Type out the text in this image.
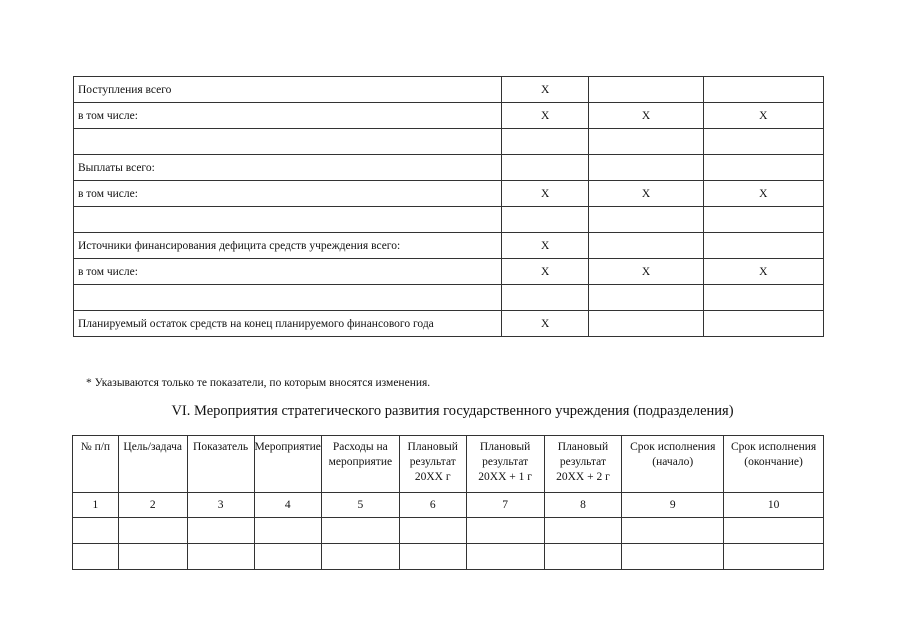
Поступления всего	X		
в том числе:	X	X	X

Выплаты всего:			
в том числе:	X	X	X

Источники финансирования дефицита средств учреждения всего:	X		
в том числе:	X	X	X

Планируемый остаток средств на конец планируемого финансового года	X		

* Указываются только те показатели, по которым вносятся изменения.

VI. Мероприятия стратегического развития государственного учреждения (подразделения)
№ п/п	Цель/задача	Показатель	Мероприятие	Расходы на мероприятие	Плановый результат 20XX г	Плановый результат 20XX + 1 г	Плановый результат 20XX + 2 г	Срок исполнения (начало)	Срок исполнения (окончание)
1	2	3	4	5	6	7	8	9	10
